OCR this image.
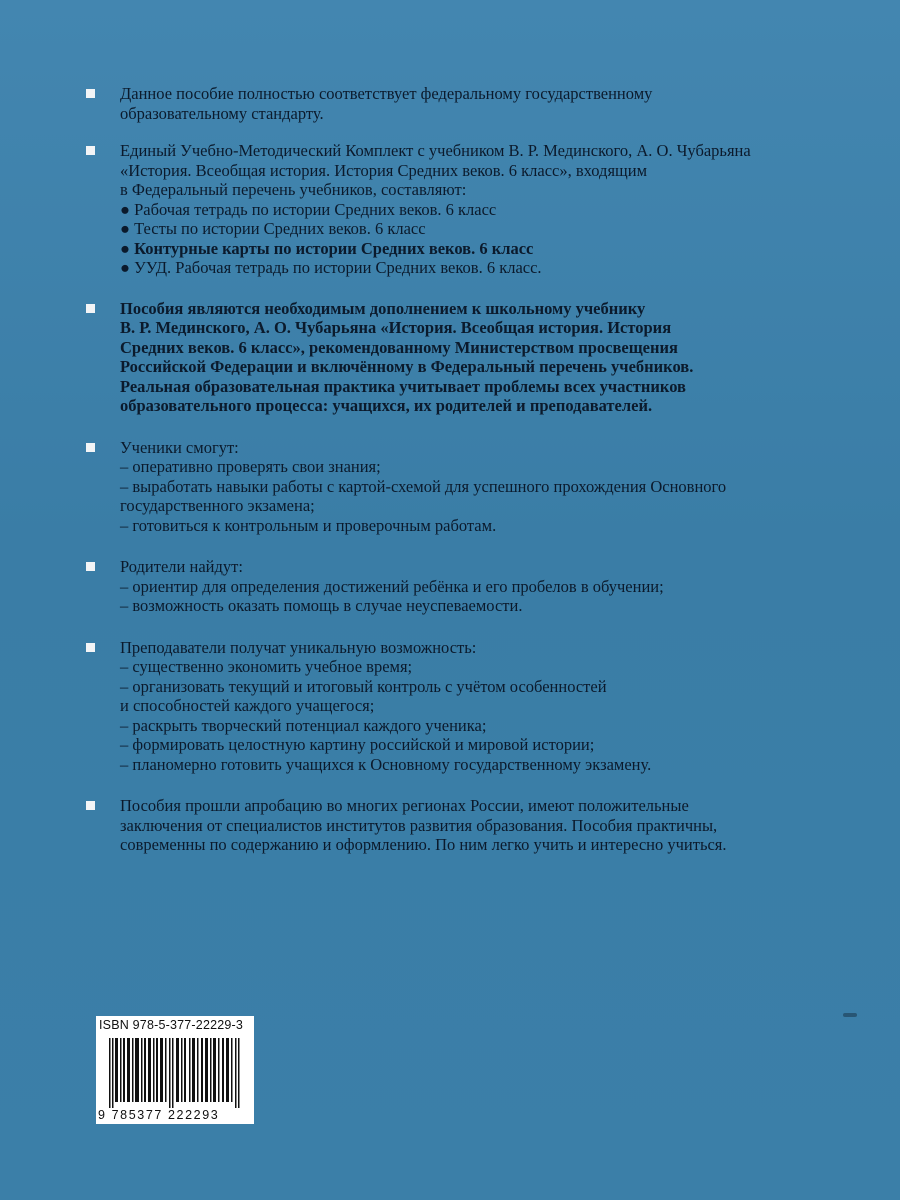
Данное пособие полностью соответствует федеральному государственному
образовательному стандарту.
Единый Учебно-Методический Комплект с учебником В. Р. Мединского, А. О. Чубарьяна
«История. Всеобщая история. История Средних веков. 6 класс», входящим
в Федеральный перечень учебников, составляют:
● Рабочая тетрадь по истории Средних веков. 6 класс
● Тесты по истории Средних веков. 6 класс
● Контурные карты по истории Средних веков. 6 класс
● УУД. Рабочая тетрадь по истории Средних веков. 6 класс.
Пособия являются необходимым дополнением к школьному учебнику
В. Р. Мединского, А. О. Чубарьяна «История. Всеобщая история. История
Средних веков. 6 класс», рекомендованному Министерством просвещения
Российской Федерации и включённому в Федеральный перечень учебников.
Реальная образовательная практика учитывает проблемы всех участников
образовательного процесса: учащихся, их родителей и преподавателей.
Ученики смогут:
– оперативно проверять свои знания;
– выработать навыки работы с картой-схемой для успешного прохождения Основного
государственного экзамена;
– готовиться к контрольным и проверочным работам.
Родители найдут:
– ориентир для определения достижений ребёнка и его пробелов в обучении;
– возможность оказать помощь в случае неуспеваемости.
Преподаватели получат уникальную возможность:
– существенно экономить учебное время;
– организовать текущий и итоговый контроль с учётом особенностей
и способностей каждого учащегося;
– раскрыть творческий потенциал каждого ученика;
– формировать целостную картину российской и мировой истории;
– планомерно готовить учащихся к Основному государственному экзамену.
Пособия прошли апробацию во многих регионах России, имеют положительные
заключения от специалистов институтов развития образования. Пособия практичны,
современны по содержанию и оформлению. По ним легко учить и интересно учиться.
ISBN 978-5-377-22229-3
9 785377 222293
